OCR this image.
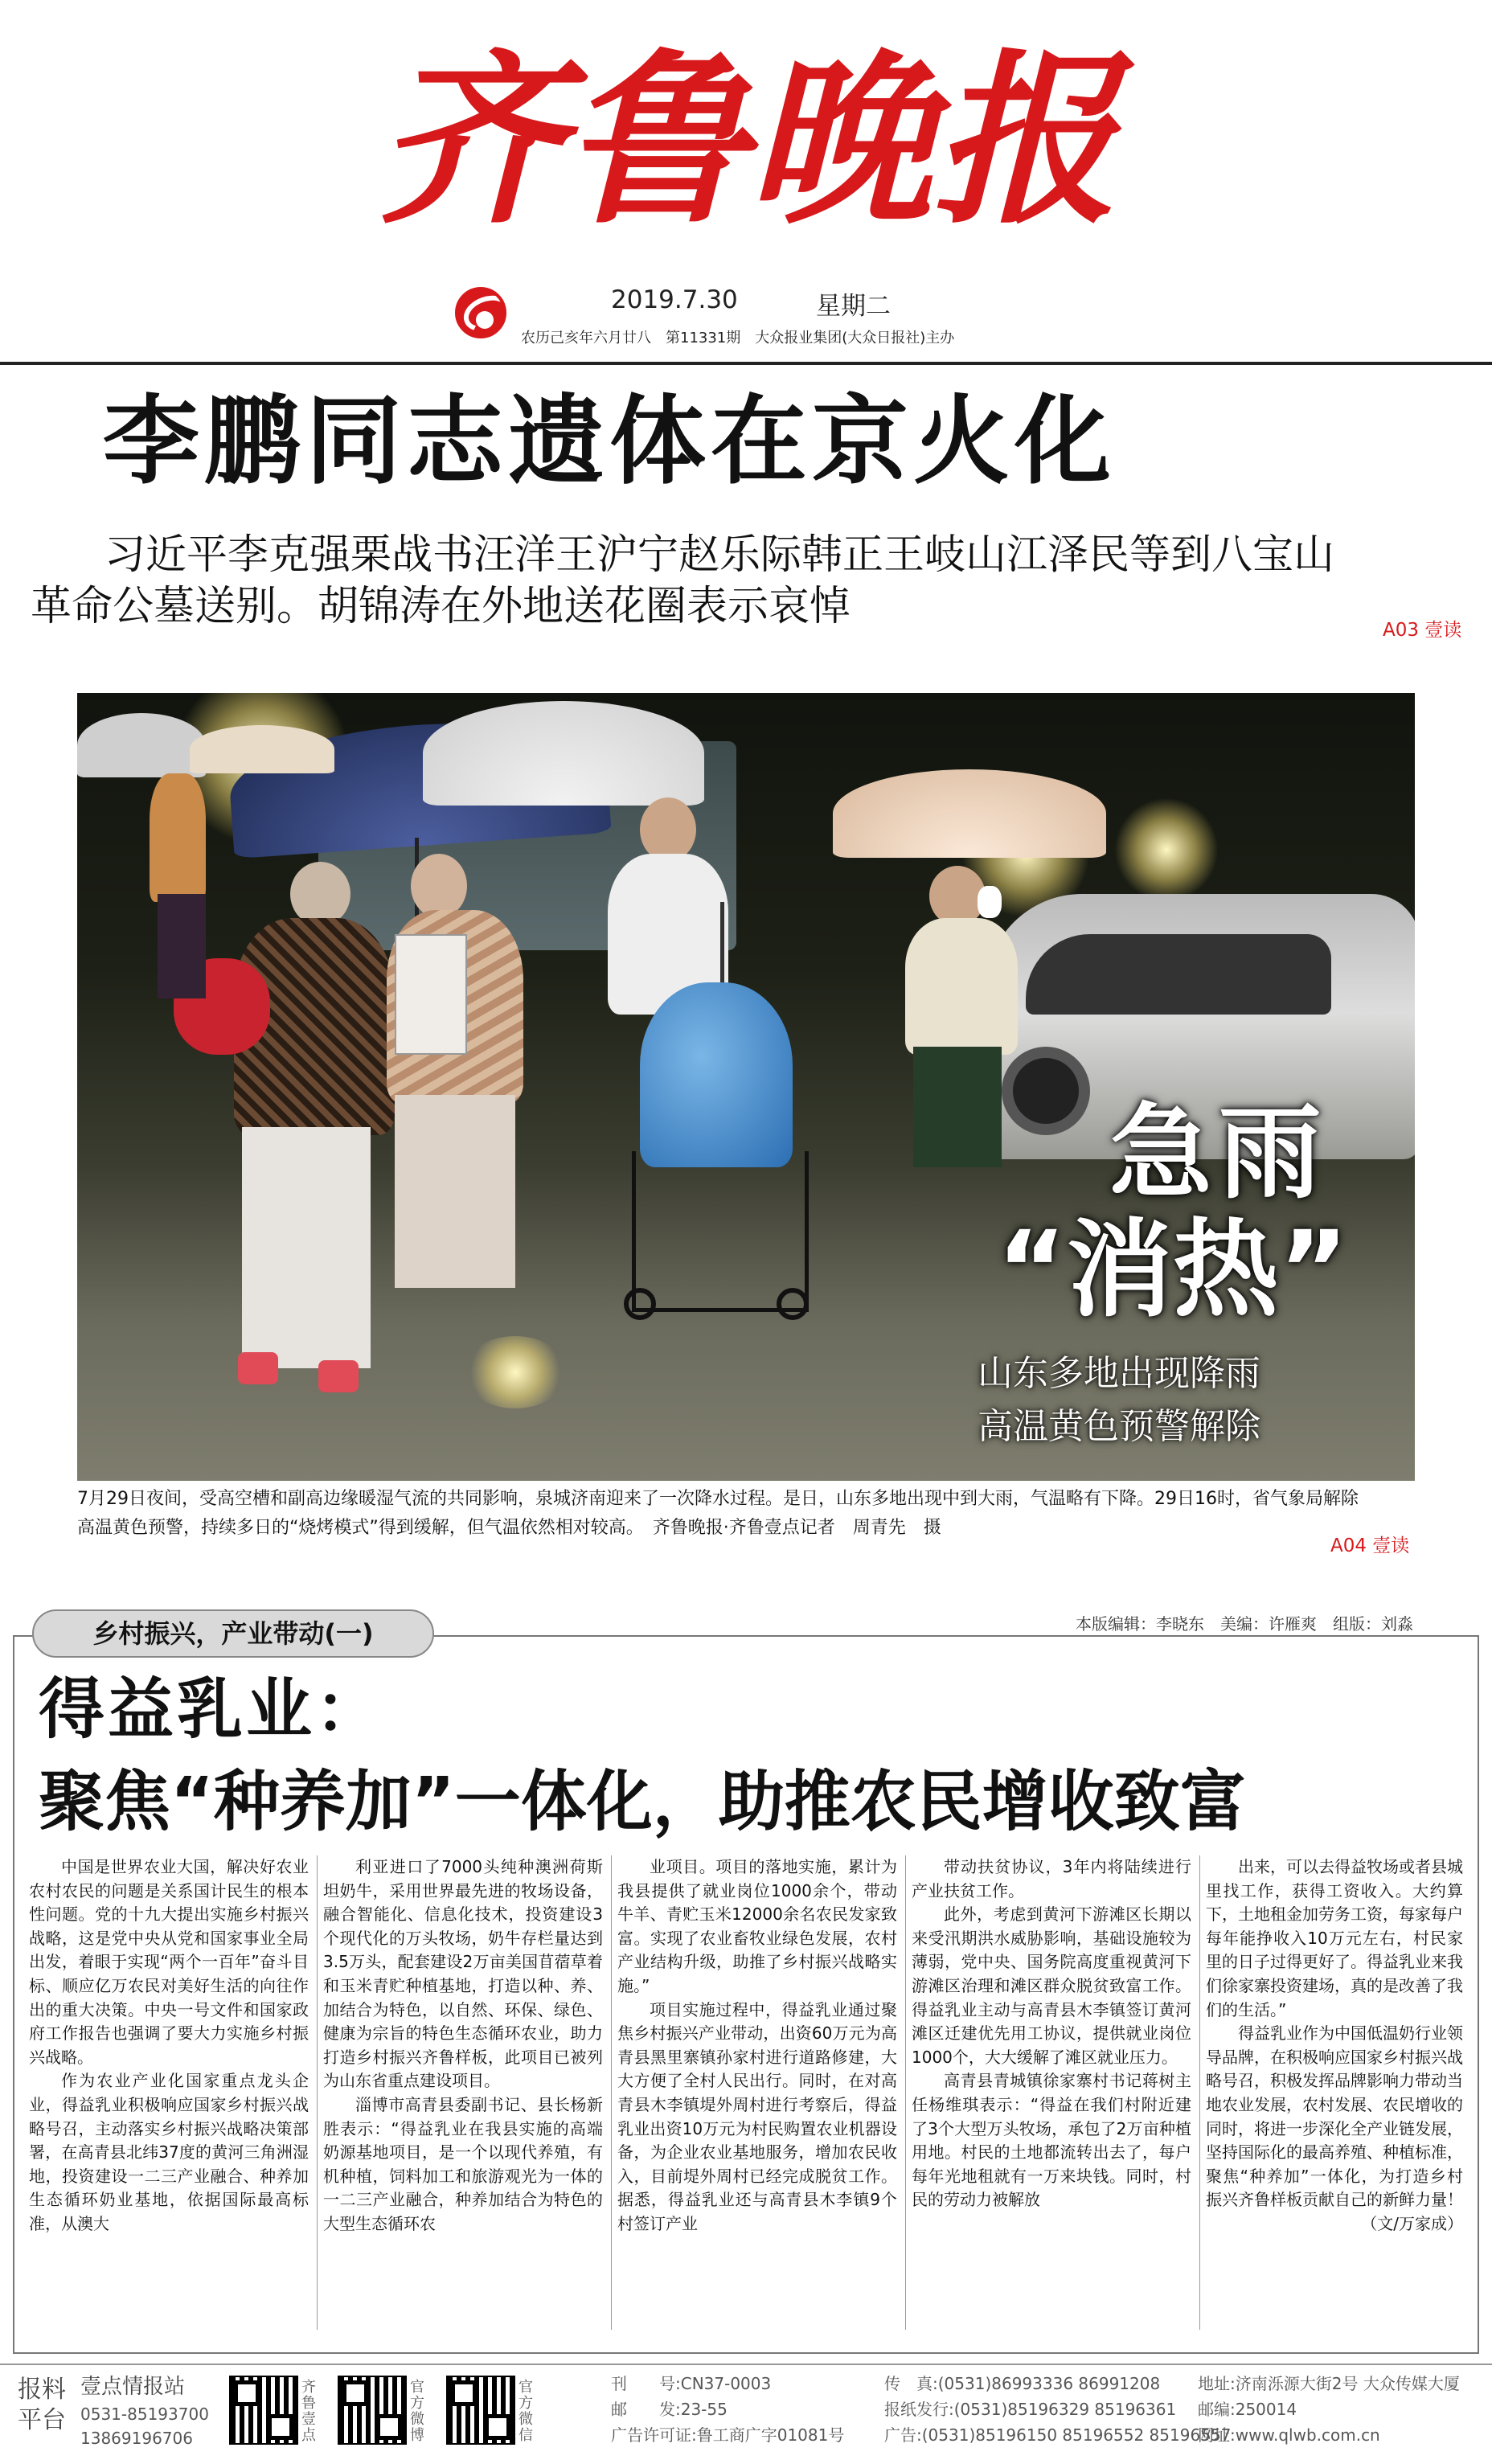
齐鲁晚报
2019.7.30	星期二
农历己亥年六月廿八　第11331期　大众报业集团(大众日报社)主办
李鹏同志遗体在京火化
习近平李克强栗战书汪洋王沪宁赵乐际韩正王岐山江泽民等到八宝山
革命公墓送别。胡锦涛在外地送花圈表示哀悼	A03 壹读
急雨
“消热”
山东多地出现降雨
高温黄色预警解除
7月29日夜间，受高空槽和副高边缘暖湿气流的共同影响，泉城济南迎来了一次降水过程。是日，山东多地出现中到大雨，气温略有下降。29日16时，省气象局解除
高温黄色预警，持续多日的“烧烤模式”得到缓解，但气温依然相对较高。　齐鲁晚报·齐鲁壹点记者　周青先　摄
A04 壹读
本版编辑：李晓东　美编：许雁爽　组版：刘淼
乡村振兴，产业带动(一)
得益乳业：
聚焦“种养加”一体化，助推农民增收致富

中国是世界农业大国，解决好农业农村农民的问题是关系国计民生的根本性问题。党的十九大提出实施乡村振兴战略，这是党中央从党和国家事业全局出发，着眼于实现“两个一百年”奋斗目标、顺应亿万农民对美好生活的向往作出的重大决策。中央一号文件和国家政府工作报告也强调了要大力实施乡村振兴战略。

作为农业产业化国家重点龙头企业，得益乳业积极响应国家乡村振兴战略号召，主动落实乡村振兴战略决策部署，在高青县北纬37度的黄河三角洲湿地，投资建设一二三产业融合、种养加生态循环奶业基地，依据国际最高标准，从澳大

利亚进口了7000头纯种澳洲荷斯坦奶牛，采用世界最先进的牧场设备，融合智能化、信息化技术，投资建设3个现代化的万头牧场，奶牛存栏量达到3.5万头，配套建设2万亩美国苜蓿草着和玉米青贮种植基地，打造以种、养、加结合为特色，以自然、环保、绿色、健康为宗旨的特色生态循环农业，助力打造乡村振兴齐鲁样板，此项目已被列为山东省重点建设项目。

淄博市高青县委副书记、县长杨新胜表示：“得益乳业在我县实施的高端奶源基地项目，是一个以现代养殖，有机种植，饲料加工和旅游观光为一体的一二三产业融合，种养加结合为特色的大型生态循环农

业项目。项目的落地实施，累计为我县提供了就业岗位1000余个，带动牛羊、青贮玉米12000余名农民发家致富。实现了农业畜牧业绿色发展，农村产业结构升级，助推了乡村振兴战略实施。”

项目实施过程中，得益乳业通过聚焦乡村振兴产业带动，出资60万元为高青县黑里寨镇孙家村进行道路修建，大大方便了全村人民出行。同时，在对高青县木李镇堤外周村进行考察后，得益乳业出资10万元为村民购置农业机器设备，为企业农业基地服务，增加农民收入，目前堤外周村已经完成脱贫工作。据悉，得益乳业还与高青县木李镇9个村签订产业

带动扶贫协议，3年内将陆续进行产业扶贫工作。

此外，考虑到黄河下游滩区长期以来受汛期洪水威胁影响，基础设施较为薄弱，党中央、国务院高度重视黄河下游滩区治理和滩区群众脱贫致富工作。得益乳业主动与高青县木李镇签订黄河滩区迁建优先用工协议，提供就业岗位1000个，大大缓解了滩区就业压力。

高青县青城镇徐家寨村书记蒋树主任杨维琪表示：“得益在我们村附近建了3个大型万头牧场，承包了2万亩种植用地。村民的土地都流转出去了，每户每年光地租就有一万来块钱。同时，村民的劳动力被解放

出来，可以去得益牧场或者县城里找工作，获得工资收入。大约算下，土地租金加劳务工资，每家每户每年能挣收入10万元左右，村民家里的日子过得更好了。得益乳业来我们徐家寨投资建场，真的是改善了我们的生活。”

得益乳业作为中国低温奶行业领导品牌，在积极响应国家乡村振兴战略号召，积极发挥品牌影响力带动当地农业发展，农村发展、农民增收的同时，将进一步深化全产业链发展，坚持国际化的最高养殖、种植标准，聚焦“种养加”一体化，为打造乡村振兴齐鲁样板贡献自己的新鲜力量！

（文/万家成）

报料
平台
壹点情报站
0531-85193700
13869196706
齐鲁壹点
官方微博
官方微信
刊　　号:CN37-0003
邮　　发:23-55
广告许可证:鲁工商广字01081号
传　真:(0531)86993336 86991208
报纸发行:(0531)85196329 85196361
广告:(0531)85196150 85196552 85196557
地址:济南泺源大街2号 大众传媒大厦
邮编:250014
网址:www.qlwb.com.cn
